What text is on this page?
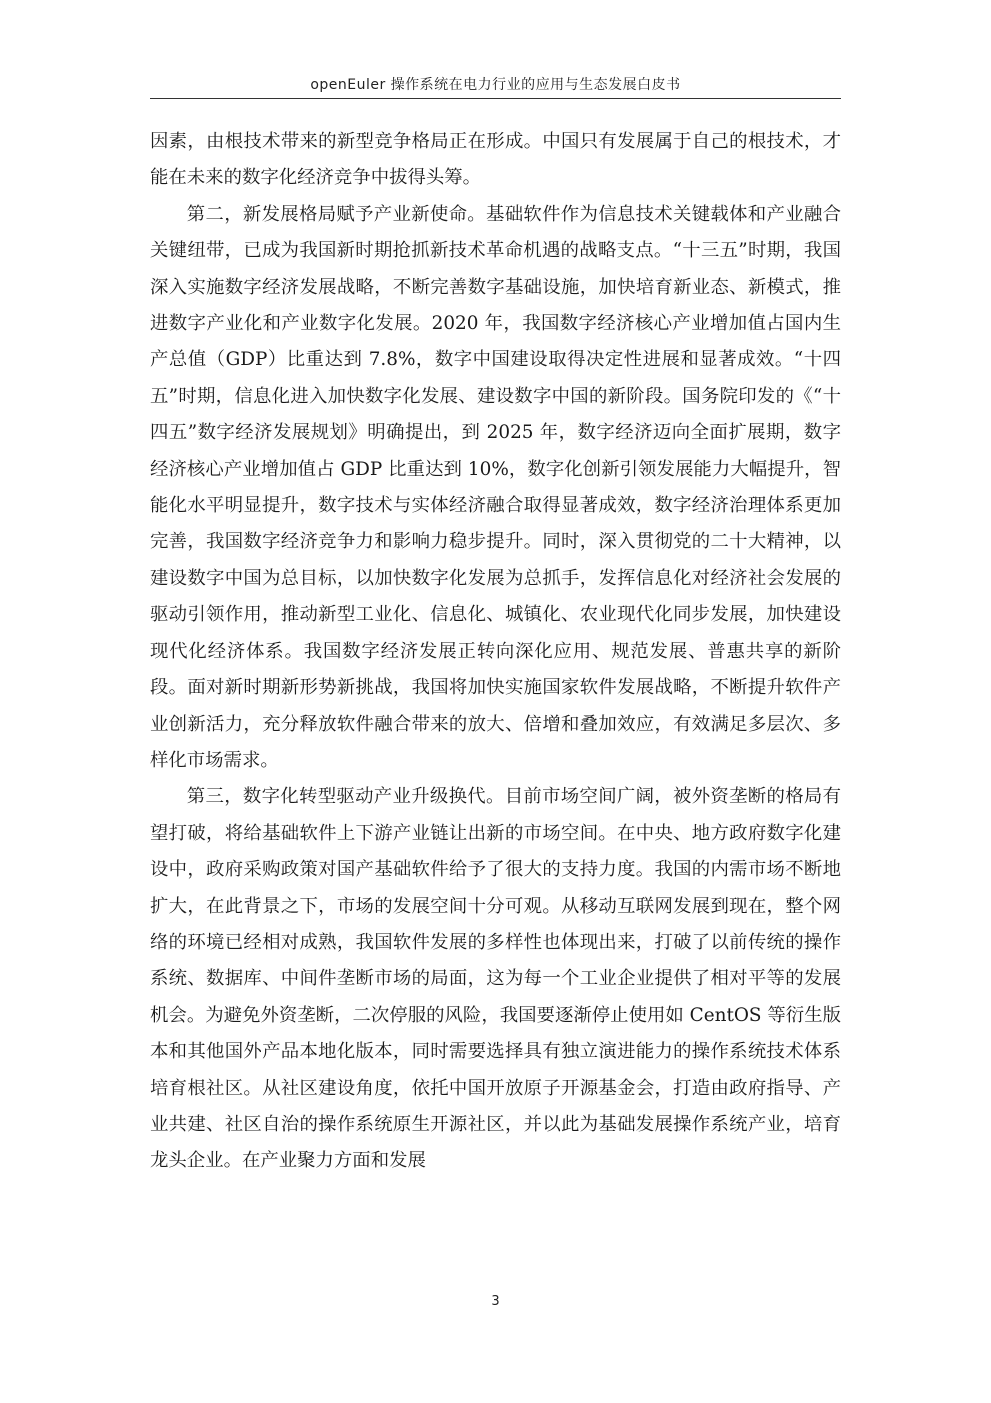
openEuler 操作系统在电力行业的应用与生态发展白皮书

因素，由根技术带来的新型竞争格局正在形成。中国只有发展属于自己的根技术，才能在未来的数字化经济竞争中拔得头筹。

第二，新发展格局赋予产业新使命。基础软件作为信息技术关键载体和产业融合关键纽带，已成为我国新时期抢抓新技术革命机遇的战略支点。“十三五”时期，我国深入实施数字经济发展战略，不断完善数字基础设施，加快培育新业态、新模式，推进数字产业化和产业数字化发展。2020 年，我国数字经济核心产业增加值占国内生产总值（GDP）比重达到 7.8%，数字中国建设取得决定性进展和显著成效。“十四五”时期，信息化进入加快数字化发展、建设数字中国的新阶段。国务院印发的《“十四五”数字经济发展规划》明确提出，到 2025 年，数字经济迈向全面扩展期，数字经济核心产业增加值占 GDP 比重达到 10%，数字化创新引领发展能力大幅提升，智能化水平明显提升，数字技术与实体经济融合取得显著成效，数字经济治理体系更加完善，我国数字经济竞争力和影响力稳步提升。同时，深入贯彻党的二十大精神，以建设数字中国为总目标，以加快数字化发展为总抓手，发挥信息化对经济社会发展的驱动引领作用，推动新型工业化、信息化、城镇化、农业现代化同步发展，加快建设现代化经济体系。我国数字经济发展正转向深化应用、规范发展、普惠共享的新阶段。面对新时期新形势新挑战，我国将加快实施国家软件发展战略，不断提升软件产业创新活力，充分释放软件融合带来的放大、倍增和叠加效应，有效满足多层次、多样化市场需求。

第三，数字化转型驱动产业升级换代。目前市场空间广阔，被外资垄断的格局有望打破，将给基础软件上下游产业链让出新的市场空间。在中央、地方政府数字化建设中，政府采购政策对国产基础软件给予了很大的支持力度。我国的内需市场不断地扩大，在此背景之下，市场的发展空间十分可观。从移动互联网发展到现在，整个网络的环境已经相对成熟，我国软件发展的多样性也体现出来，打破了以前传统的操作系统、数据库、中间件垄断市场的局面，这为每一个工业企业提供了相对平等的发展机会。为避免外资垄断，二次停服的风险，我国要逐渐停止使用如 CentOS 等衍生版本和其他国外产品本地化版本，同时需要选择具有独立演进能力的操作系统技术体系培育根社区。从社区建设角度，依托中国开放原子开源基金会，打造由政府指导、产业共建、社区自治的操作系统原生开源社区，并以此为基础发展操作系统产业，培育龙头企业。在产业聚力方面和发展

3
